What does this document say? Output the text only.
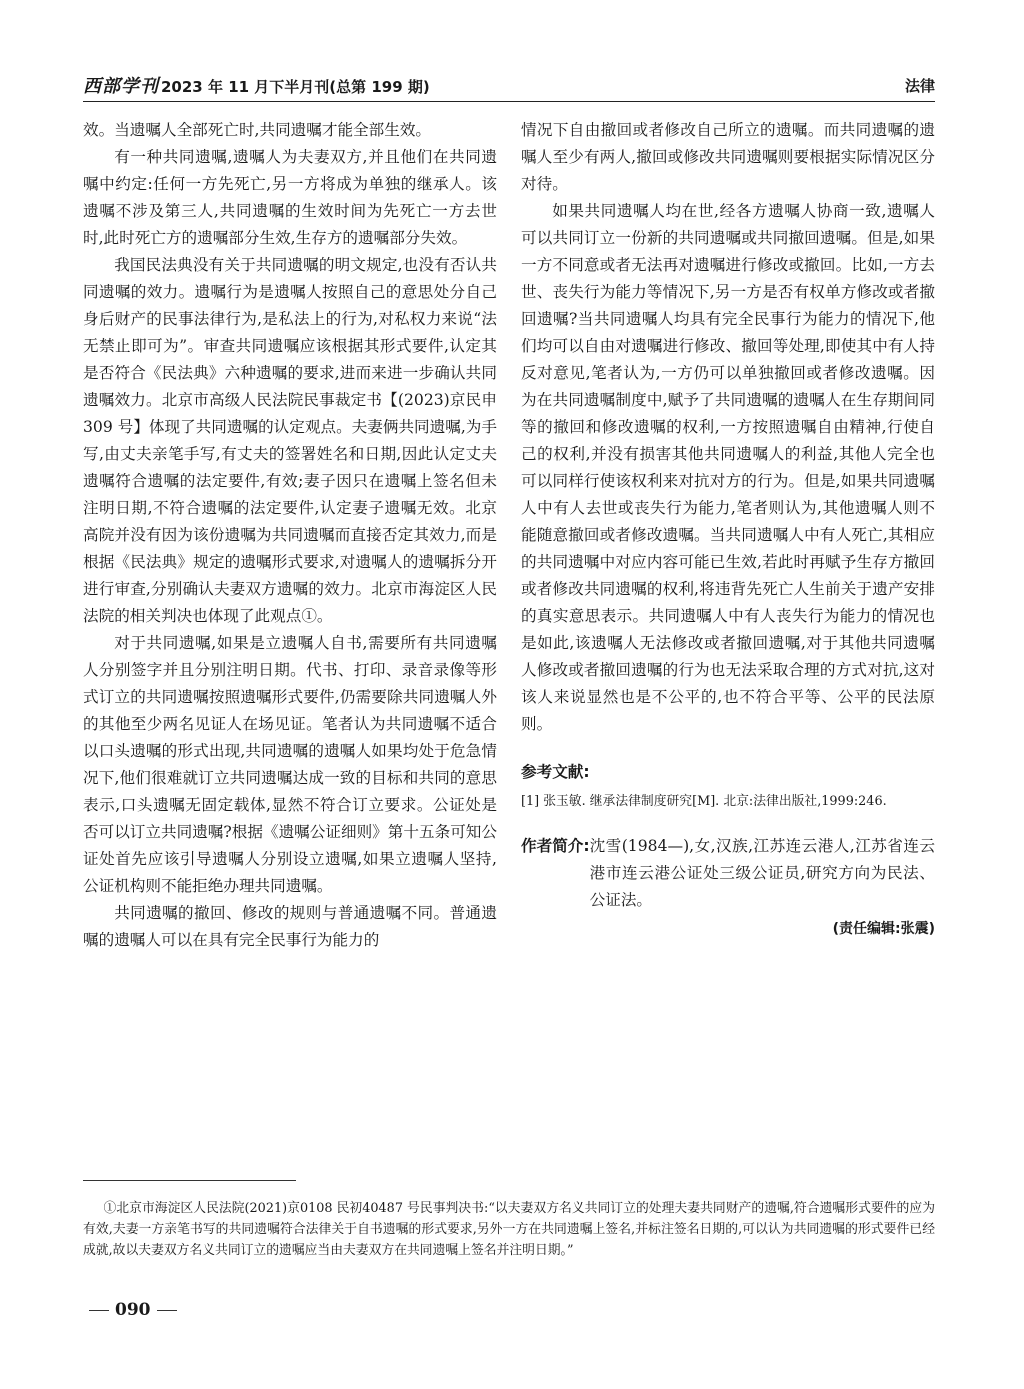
西部学刊 2023 年 11 月下半月刊(总第 199 期)	法律

效。当遗嘱人全部死亡时,共同遗嘱才能全部生效。

有一种共同遗嘱,遗嘱人为夫妻双方,并且他们在共同遗嘱中约定:任何一方先死亡,另一方将成为单独的继承人。该遗嘱不涉及第三人,共同遗嘱的生效时间为先死亡一方去世时,此时死亡方的遗嘱部分生效,生存方的遗嘱部分失效。

我国民法典没有关于共同遗嘱的明文规定,也没有否认共同遗嘱的效力。遗嘱行为是遗嘱人按照自己的意思处分自己身后财产的民事法律行为,是私法上的行为,对私权力来说“法无禁止即可为”。审查共同遗嘱应该根据其形式要件,认定其是否符合《民法典》六种遗嘱的要求,进而来进一步确认共同遗嘱效力。北京市高级人民法院民事裁定书【(2023)京民申309 号】体现了共同遗嘱的认定观点。夫妻俩共同遗嘱,为手写,由丈夫亲笔手写,有丈夫的签署姓名和日期,因此认定丈夫遗嘱符合遗嘱的法定要件,有效;妻子因只在遗嘱上签名但未注明日期,不符合遗嘱的法定要件,认定妻子遗嘱无效。北京高院并没有因为该份遗嘱为共同遗嘱而直接否定其效力,而是根据《民法典》规定的遗嘱形式要求,对遗嘱人的遗嘱拆分开进行审查,分别确认夫妻双方遗嘱的效力。北京市海淀区人民法院的相关判决也体现了此观点①。

对于共同遗嘱,如果是立遗嘱人自书,需要所有共同遗嘱人分别签字并且分别注明日期。代书、打印、录音录像等形式订立的共同遗嘱按照遗嘱形式要件,仍需要除共同遗嘱人外的其他至少两名见证人在场见证。笔者认为共同遗嘱不适合以口头遗嘱的形式出现,共同遗嘱的遗嘱人如果均处于危急情况下,他们很难就订立共同遗嘱达成一致的目标和共同的意思表示,口头遗嘱无固定载体,显然不符合订立要求。公证处是否可以订立共同遗嘱?根据《遗嘱公证细则》第十五条可知公证处首先应该引导遗嘱人分别设立遗嘱,如果立遗嘱人坚持,公证机构则不能拒绝办理共同遗嘱。

共同遗嘱的撤回、修改的规则与普通遗嘱不同。普通遗嘱的遗嘱人可以在具有完全民事行为能力的

情况下自由撤回或者修改自己所立的遗嘱。而共同遗嘱的遗嘱人至少有两人,撤回或修改共同遗嘱则要根据实际情况区分对待。

如果共同遗嘱人均在世,经各方遗嘱人协商一致,遗嘱人可以共同订立一份新的共同遗嘱或共同撤回遗嘱。但是,如果一方不同意或者无法再对遗嘱进行修改或撤回。比如,一方去世、丧失行为能力等情况下,另一方是否有权单方修改或者撤回遗嘱?当共同遗嘱人均具有完全民事行为能力的情况下,他们均可以自由对遗嘱进行修改、撤回等处理,即使其中有人持反对意见,笔者认为,一方仍可以单独撤回或者修改遗嘱。因为在共同遗嘱制度中,赋予了共同遗嘱的遗嘱人在生存期间同等的撤回和修改遗嘱的权利,一方按照遗嘱自由精神,行使自己的权利,并没有损害其他共同遗嘱人的利益,其他人完全也可以同样行使该权利来对抗对方的行为。但是,如果共同遗嘱人中有人去世或丧失行为能力,笔者则认为,其他遗嘱人则不能随意撤回或者修改遗嘱。当共同遗嘱人中有人死亡,其相应的共同遗嘱中对应内容可能已生效,若此时再赋予生存方撤回或者修改共同遗嘱的权利,将违背先死亡人生前关于遗产安排的真实意思表示。共同遗嘱人中有人丧失行为能力的情况也是如此,该遗嘱人无法修改或者撤回遗嘱,对于其他共同遗嘱人修改或者撤回遗嘱的行为也无法采取合理的方式对抗,这对该人来说显然也是不公平的,也不符合平等、公平的民法原则。

参考文献:
[1] 张玉敏. 继承法律制度研究[M]. 北京:法律出版社,1999:246.
作者简介: 沈雪(1984—),女,汉族,江苏连云港人,江苏省连云港市连云港公证处三级公证员,研究方向为民法、公证法。
(责任编辑:张震)
①北京市海淀区人民法院(2021)京0108 民初40487 号民事判决书:“以夫妻双方名义共同订立的处理夫妻共同财产的遗嘱,符合遗嘱形式要件的应为有效,夫妻一方亲笔书写的共同遗嘱符合法律关于自书遗嘱的形式要求,另外一方在共同遗嘱上签名,并标注签名日期的,可以认为共同遗嘱的形式要件已经成就,故以夫妻双方名义共同订立的遗嘱应当由夫妻双方在共同遗嘱上签名并注明日期。”
090
